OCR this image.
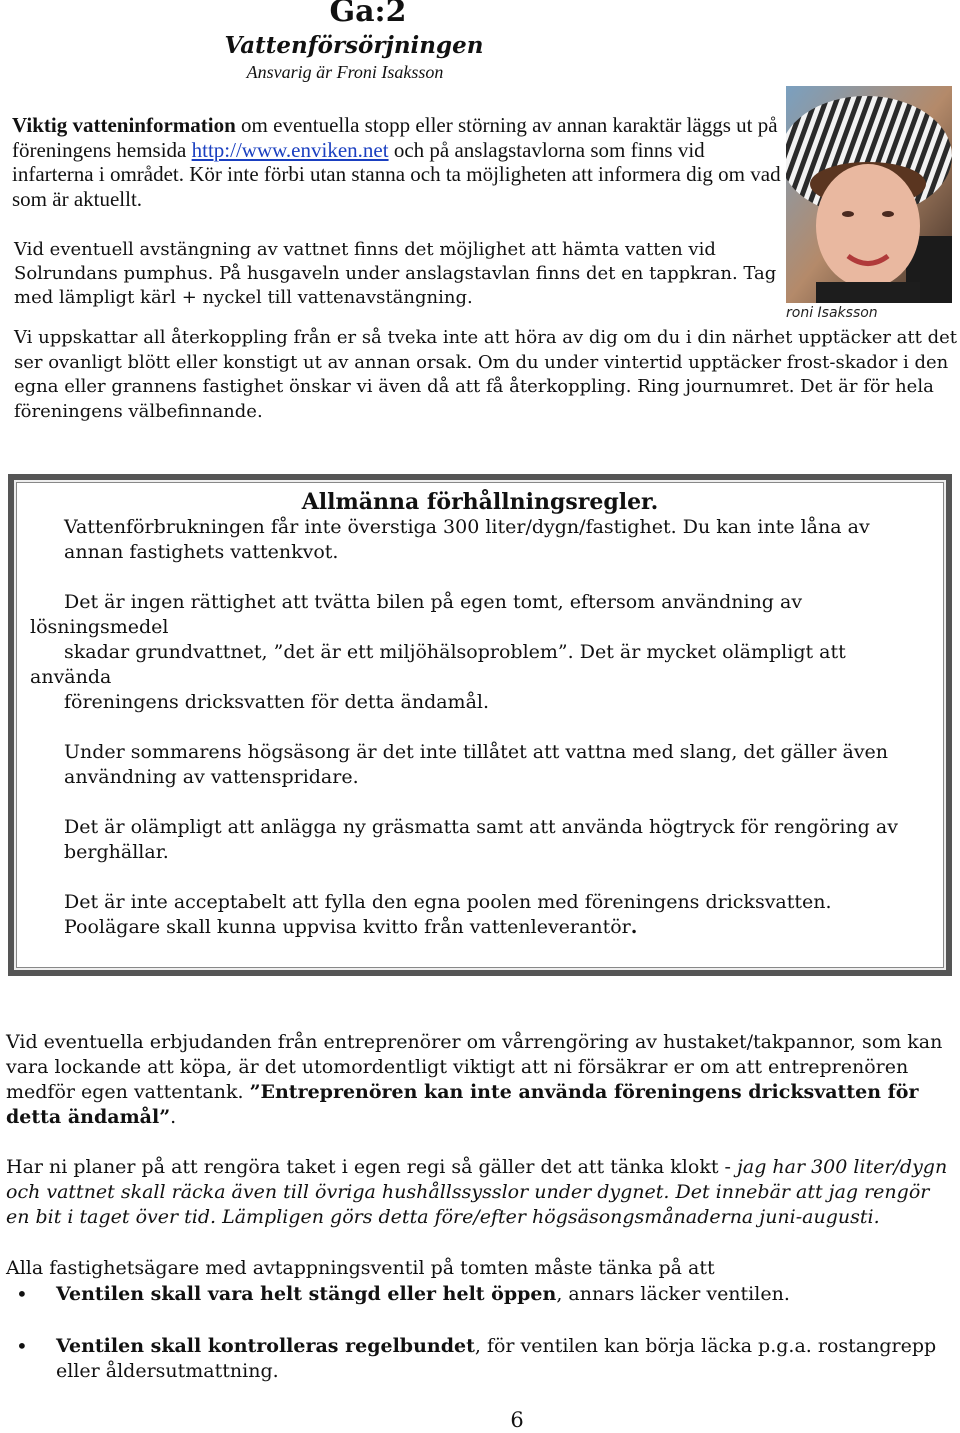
Ga:2
Vattenförsörjningen
Ansvarig är Froni Isaksson
Viktig vatteninformation om eventuella stopp eller störning av annan karaktär läggs ut på föreningens hemsida http://www.enviken.net och på anslagstavlorna som finns vid infarterna i området. Kör inte förbi utan stanna och ta möjligheten att informera dig om vad som är aktuellt.
Vid eventuell avstängning av vattnet finns det möjlighet att hämta vatten vid Solrundans pumphus. På husgaveln under anslagstavlan finns det en tappkran. Tag med lämpligt kärl + nyckel till vattenavstängning.
roni Isaksson
Vi uppskattar all återkoppling från er så tveka inte att höra av dig om du i din närhet upptäcker att det ser ovanligt blött eller konstigt ut av annan orsak. Om du under vintertid upptäcker frost-skador i den egna eller grannens fastighet önskar vi även då att få återkoppling. Ring journumret. Det är för hela föreningens välbefinnande.
Allmänna förhållningsregler.
Vattenförbrukningen får inte överstiga 300 liter/dygn/fastighet. Du kan inte låna av
annan fastighets vattenkvot.
Det är ingen rättighet att tvätta bilen på egen tomt, eftersom användning av
lösningsmedel
skadar grundvattnet, ”det är ett miljöhälsoproblem”. Det är mycket olämpligt att
använda
föreningens dricksvatten för detta ändamål.
Under sommarens högsäsong är det inte tillåtet att vattna med slang, det gäller även
användning av vattenspridare.
Det är olämpligt att anlägga ny gräsmatta samt att använda högtryck för rengöring av
berghällar.
Det är inte acceptabelt att fylla den egna poolen med föreningens dricksvatten.
Poolägare skall kunna uppvisa kvitto från vattenleverantör.
Vid eventuella erbjudanden från entreprenörer om vårrengöring av hustaket/takpannor, som kan vara lockande att köpa, är det utomordentligt viktigt att ni försäkrar er om att entreprenören medför egen vattentank. ”Entreprenören kan inte använda föreningens dricksvatten för detta ändamål”.
Har ni planer på att rengöra taket i egen regi så gäller det att tänka klokt - jag har 300 liter/dygn och vattnet skall räcka även till övriga hushållssysslor under dygnet. Det innebär att jag rengör en bit i taget över tid. Lämpligen görs detta före/efter högsäsongsmånaderna juni-augusti.
Alla fastighetsägare med avtappningsventil på tomten måste tänka på att
• Ventilen skall vara helt stängd eller helt öppen, annars läcker ventilen.
• Ventilen skall kontrolleras regelbundet, för ventilen kan börja läcka p.g.a. rostangrepp eller åldersutmattning.
6
